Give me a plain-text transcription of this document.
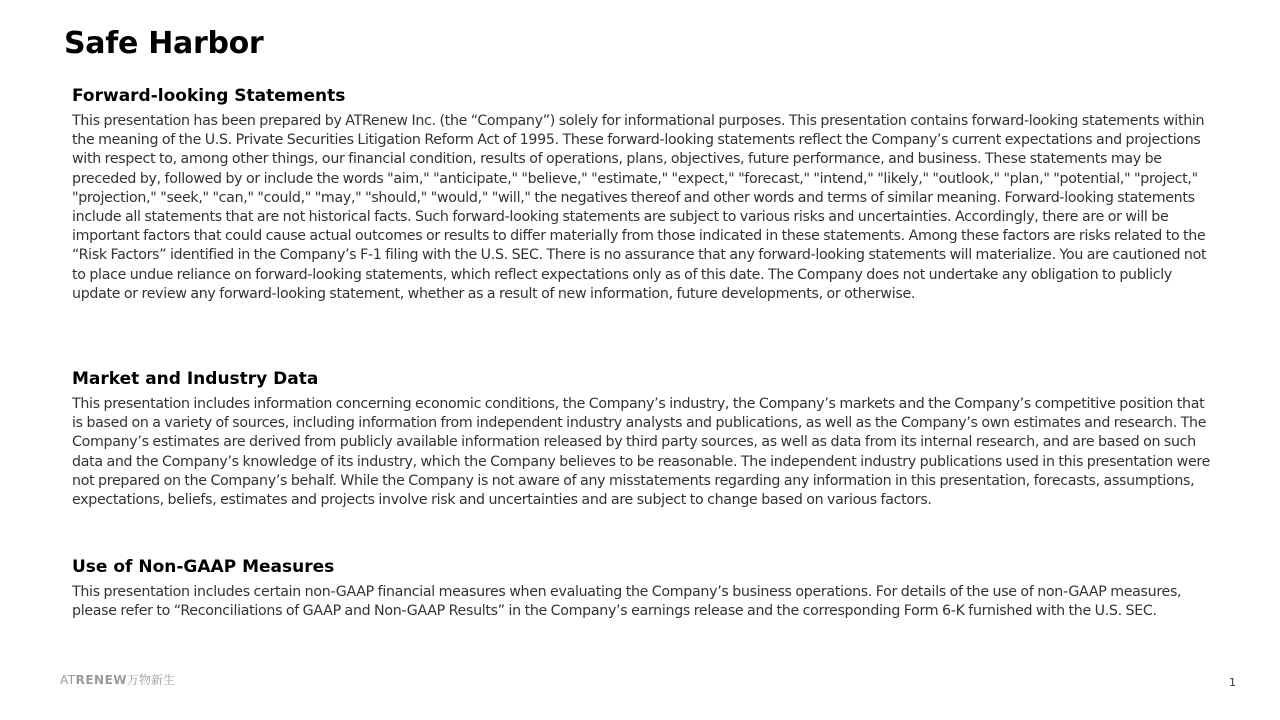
Safe Harbor
Forward-looking Statements

This presentation has been prepared by ATRenew Inc. (the “Company”) solely for informational purposes. This presentation contains forward-looking statements within the meaning of the U.S. Private Securities Litigation Reform Act of 1995. These forward-looking statements reflect the Company’s current expectations and projections with respect to, among other things, our financial condition, results of operations, plans, objectives, future performance, and business. These statements may be preceded by, followed by or include the words "aim," "anticipate," "believe," "estimate," "expect," "forecast," "intend," "likely," "outlook," "plan," "potential," "project," "projection," "seek," "can," "could," "may," "should," "would," "will," the negatives thereof and other words and terms of similar meaning. Forward-looking statements include all statements that are not historical facts. Such forward-looking statements are subject to various risks and uncertainties. Accordingly, there are or will be important factors that could cause actual outcomes or results to differ materially from those indicated in these statements. Among these factors are risks related to the “Risk Factors” identified in the Company’s F-1 filing with the U.S. SEC. There is no assurance that any forward-looking statements will materialize. You are cautioned not to place undue reliance on forward-looking statements, which reflect expectations only as of this date. The Company does not undertake any obligation to publicly update or review any forward-looking statement, whether as a result of new information, future developments, or otherwise.

Market and Industry Data

This presentation includes information concerning economic conditions, the Company’s industry, the Company’s markets and the Company’s competitive position that is based on a variety of sources, including information from independent industry analysts and publications, as well as the Company’s own estimates and research. The Company’s estimates are derived from publicly available information released by third party sources, as well as data from its internal research, and are based on such data and the Company’s knowledge of its industry, which the Company believes to be reasonable. The independent industry publications used in this presentation were not prepared on the Company’s behalf. While the Company is not aware of any misstatements regarding any information in this presentation, forecasts, assumptions, expectations, beliefs, estimates and projects involve risk and uncertainties and are subject to change based on various factors.

Use of Non-GAAP Measures

This presentation includes certain non-GAAP financial measures when evaluating the Company’s business operations. For details of the use of non-GAAP measures, please refer to “Reconciliations of GAAP and Non-GAAP Results” in the Company’s earnings release and the corresponding Form 6-K furnished with the U.S. SEC.

ATRENEW万物新生	1
